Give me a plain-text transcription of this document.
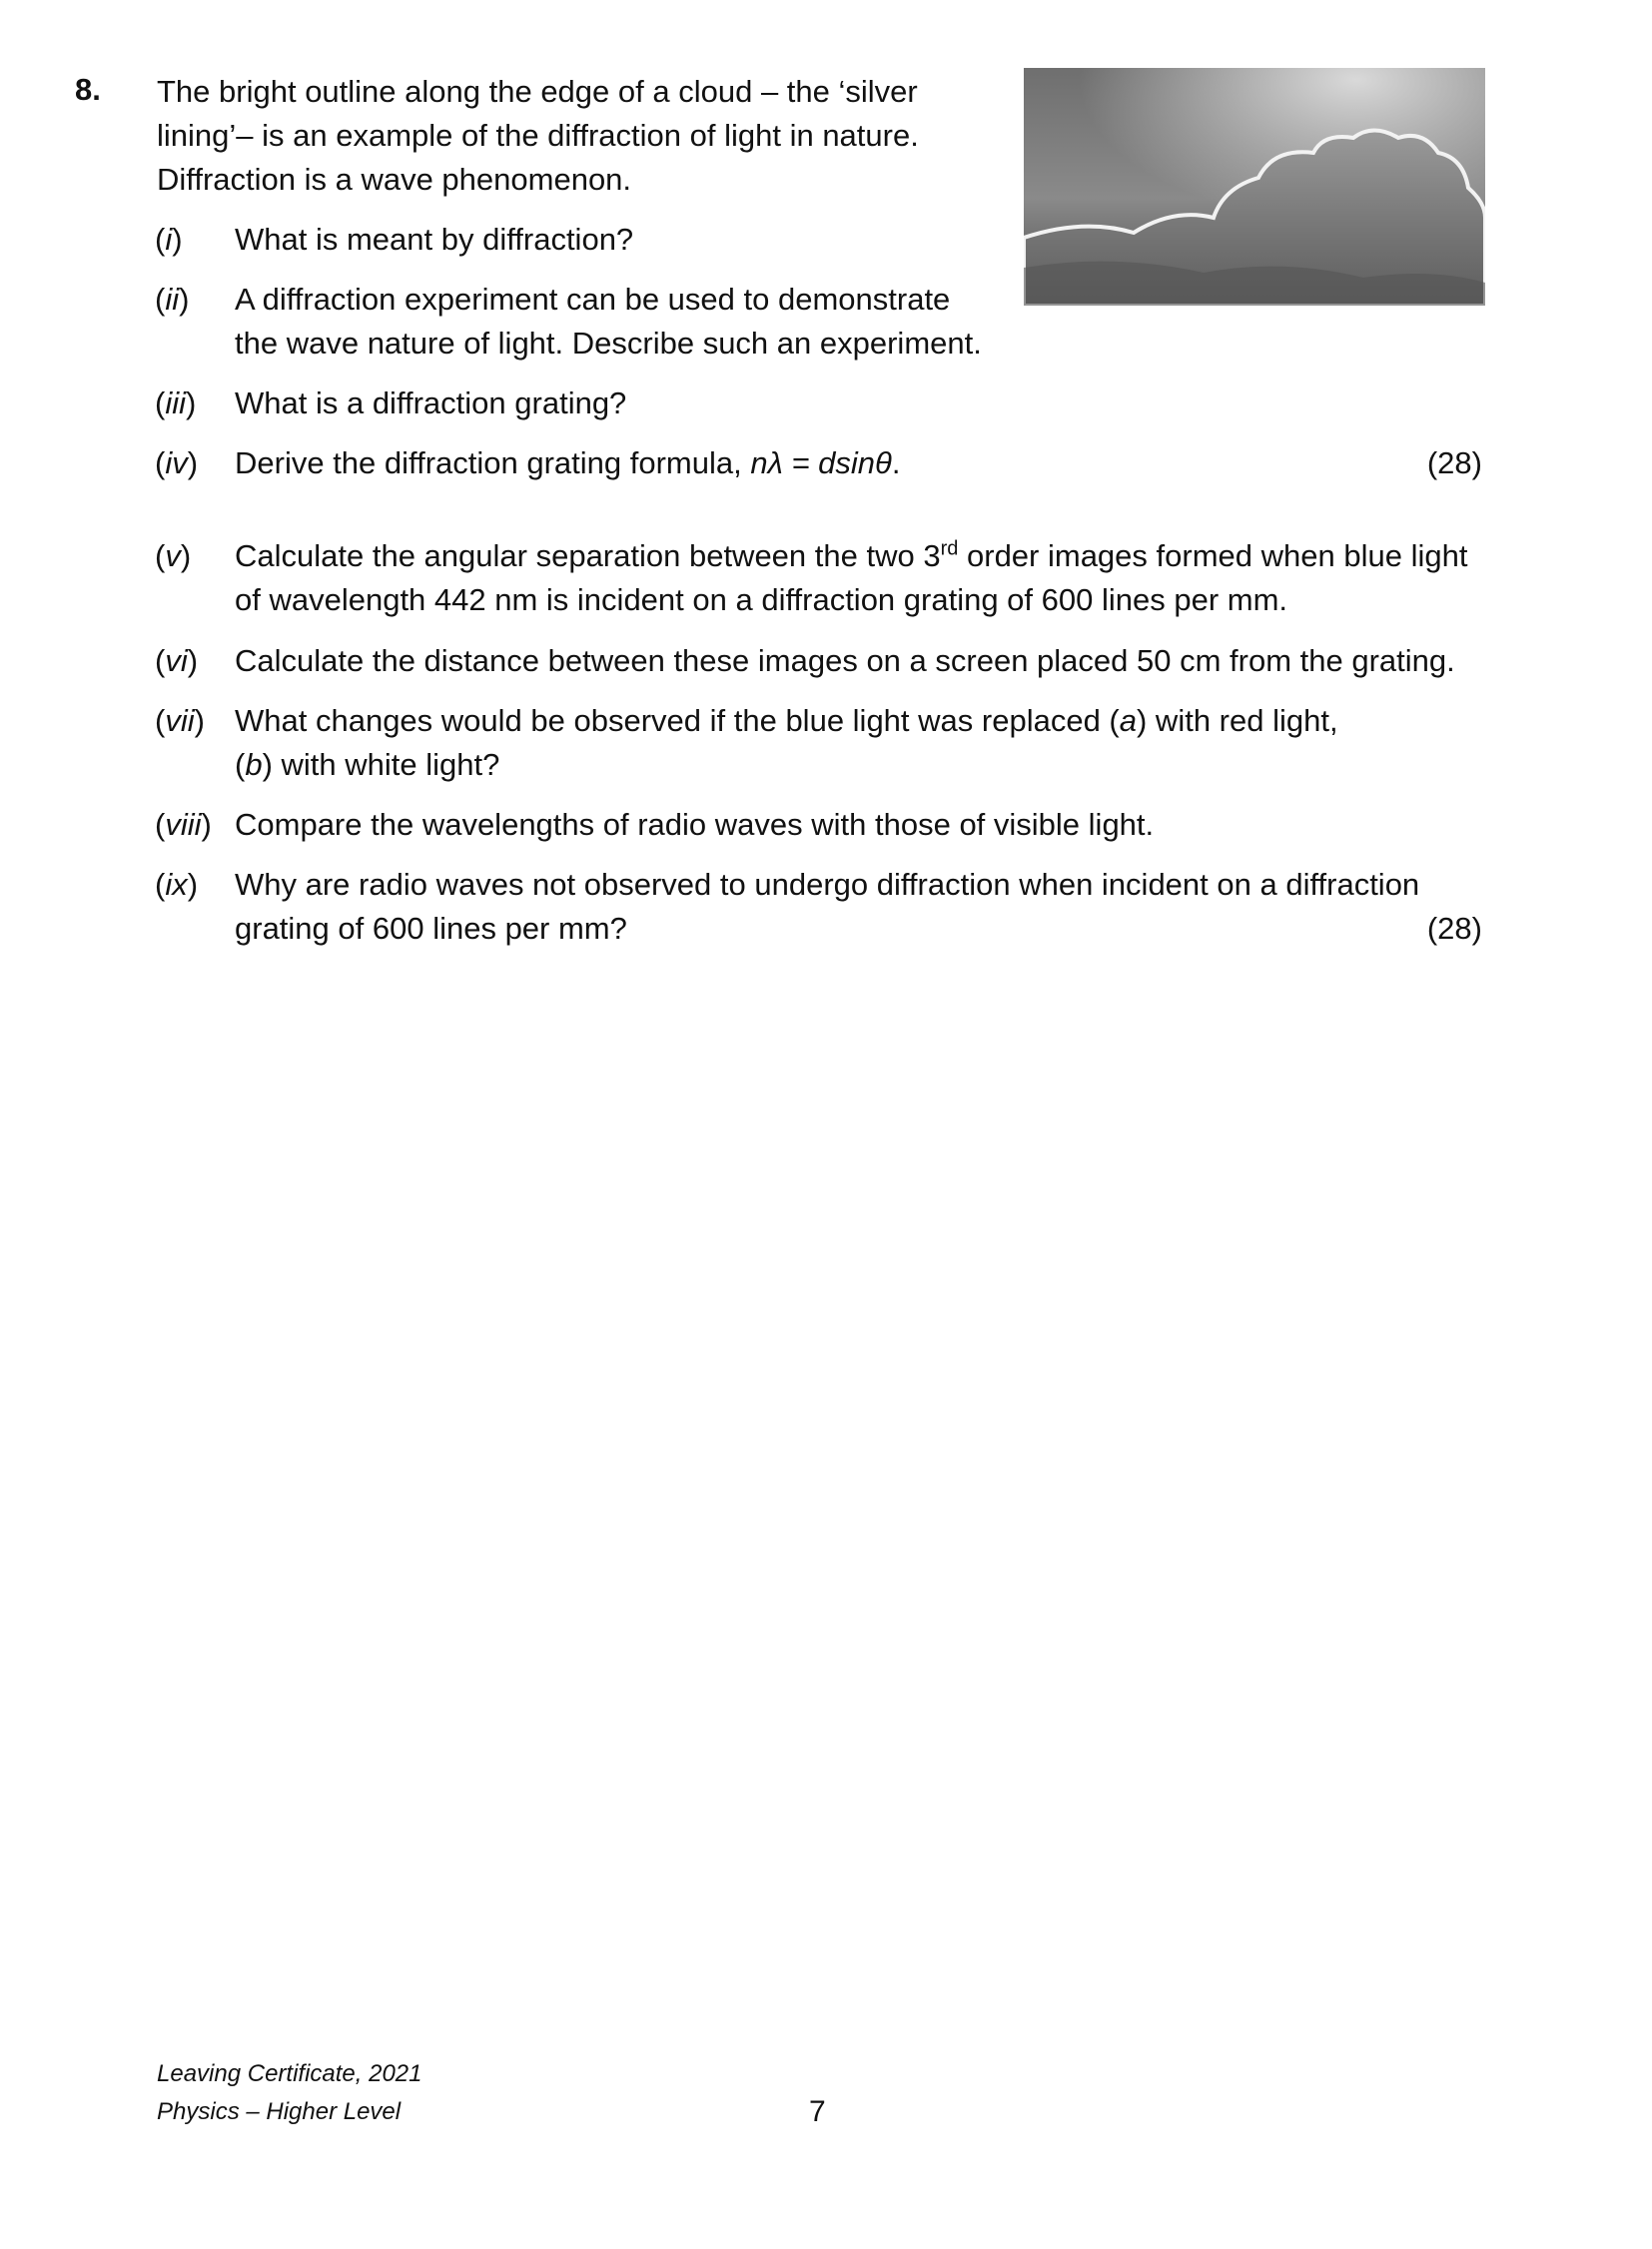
8. The bright outline along the edge of a cloud – the ‘silver
lining’– is an example of the diffraction of light in nature.
Diffraction is a wave phenomenon.
(i) What is meant by diffraction?
(ii) A diffraction experiment can be used to demonstrate
the wave nature of light. Describe such an experiment.
(iii) What is a diffraction grating?
(iv) Derive the diffraction grating formula, nλ = dsinθ.	(28)
(v) Calculate the angular separation between the two 3rd order images formed when blue light
of wavelength 442 nm is incident on a diffraction grating of 600 lines per mm.
(vi) Calculate the distance between these images on a screen placed 50 cm from the grating.
(vii) What changes would be observed if the blue light was replaced (a) with red light,
(b) with white light?
(viii) Compare the wavelengths of radio waves with those of visible light.
(ix) Why are radio waves not observed to undergo diffraction when incident on a diffraction
grating of 600 lines per mm?	(28)
Leaving Certificate, 2021
Physics – Higher Level	7
